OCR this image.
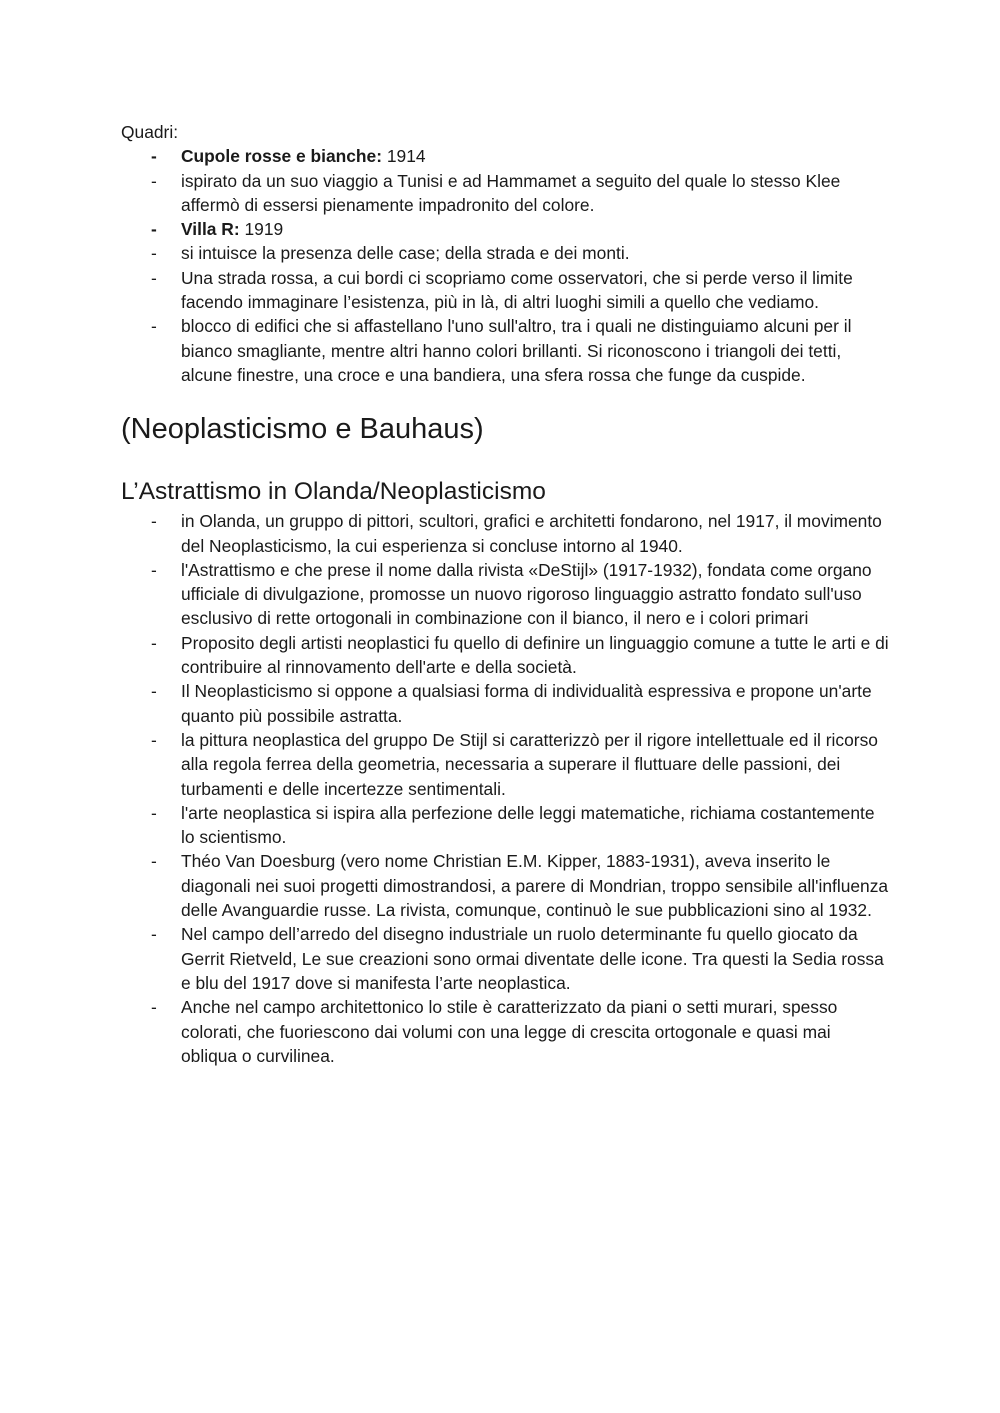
Quadri:

-	Cupole rosse e bianche: 1914
-	ispirato da un suo viaggio a Tunisi e ad Hammamet a seguito del quale lo stesso Klee affermò di essersi pienamente impadronito del colore.
-	Villa R: 1919
-	si intuisce la presenza delle case; della strada e dei monti.
-	Una strada rossa, a cui bordi ci scopriamo come osservatori, che si perde verso il limite facendo immaginare l’esistenza, più in là, di altri luoghi simili a quello che vediamo.
-	blocco di edifici che si affastellano l'uno sull'altro, tra i quali ne distinguiamo alcuni per il bianco smagliante, mentre altri hanno colori brillanti. Si riconoscono i triangoli dei tetti, alcune finestre, una croce e una bandiera, una sfera rossa che funge da cuspide.
(Neoplasticismo e Bauhaus)
L’Astrattismo in Olanda/Neoplasticismo
-	in Olanda, un gruppo di pittori, scultori, grafici e architetti fondarono, nel 1917, il movimento del Neoplasticismo, la cui esperienza si concluse intorno al 1940.
-	l'Astrattismo e che prese il nome dalla rivista «DeStijl» (1917-1932), fondata come organo ufficiale di divulgazione, promosse un nuovo rigoroso linguaggio astratto fondato sull'uso esclusivo di rette ortogonali in combinazione con il bianco, il nero e i colori primari
-	Proposito degli artisti neoplastici fu quello di definire un linguaggio comune a tutte le arti e di contribuire al rinnovamento dell'arte e della società.
-	Il Neoplasticismo si oppone a qualsiasi forma di individualità espressiva e propone un'arte quanto più possibile astratta.
-	la pittura neoplastica del gruppo De Stijl si caratterizzò per il rigore intellettuale ed il ricorso alla regola ferrea della geometria, necessaria a superare il fluttuare delle passioni, dei turbamenti e delle incertezze sentimentali.
-	l'arte neoplastica si ispira alla perfezione delle leggi matematiche, richiama costantemente lo scientismo.
-	Théo Van Doesburg (vero nome Christian E.M. Kipper, 1883-1931), aveva inserito le diagonali nei suoi progetti dimostrandosi, a parere di Mondrian, troppo sensibile all'influenza delle Avanguardie russe. La rivista, comunque, continuò le sue pubblicazioni sino al 1932.
-	Nel campo dell’arredo del disegno industriale un ruolo determinante fu quello giocato da Gerrit Rietveld, Le sue creazioni sono ormai diventate delle icone. Tra questi la Sedia rossa e blu del 1917 dove si manifesta l’arte neoplastica.
-	Anche nel campo architettonico lo stile è caratterizzato da piani o setti murari, spesso colorati, che fuoriescono dai volumi con una legge di crescita ortogonale e quasi mai obliqua o curvilinea.
